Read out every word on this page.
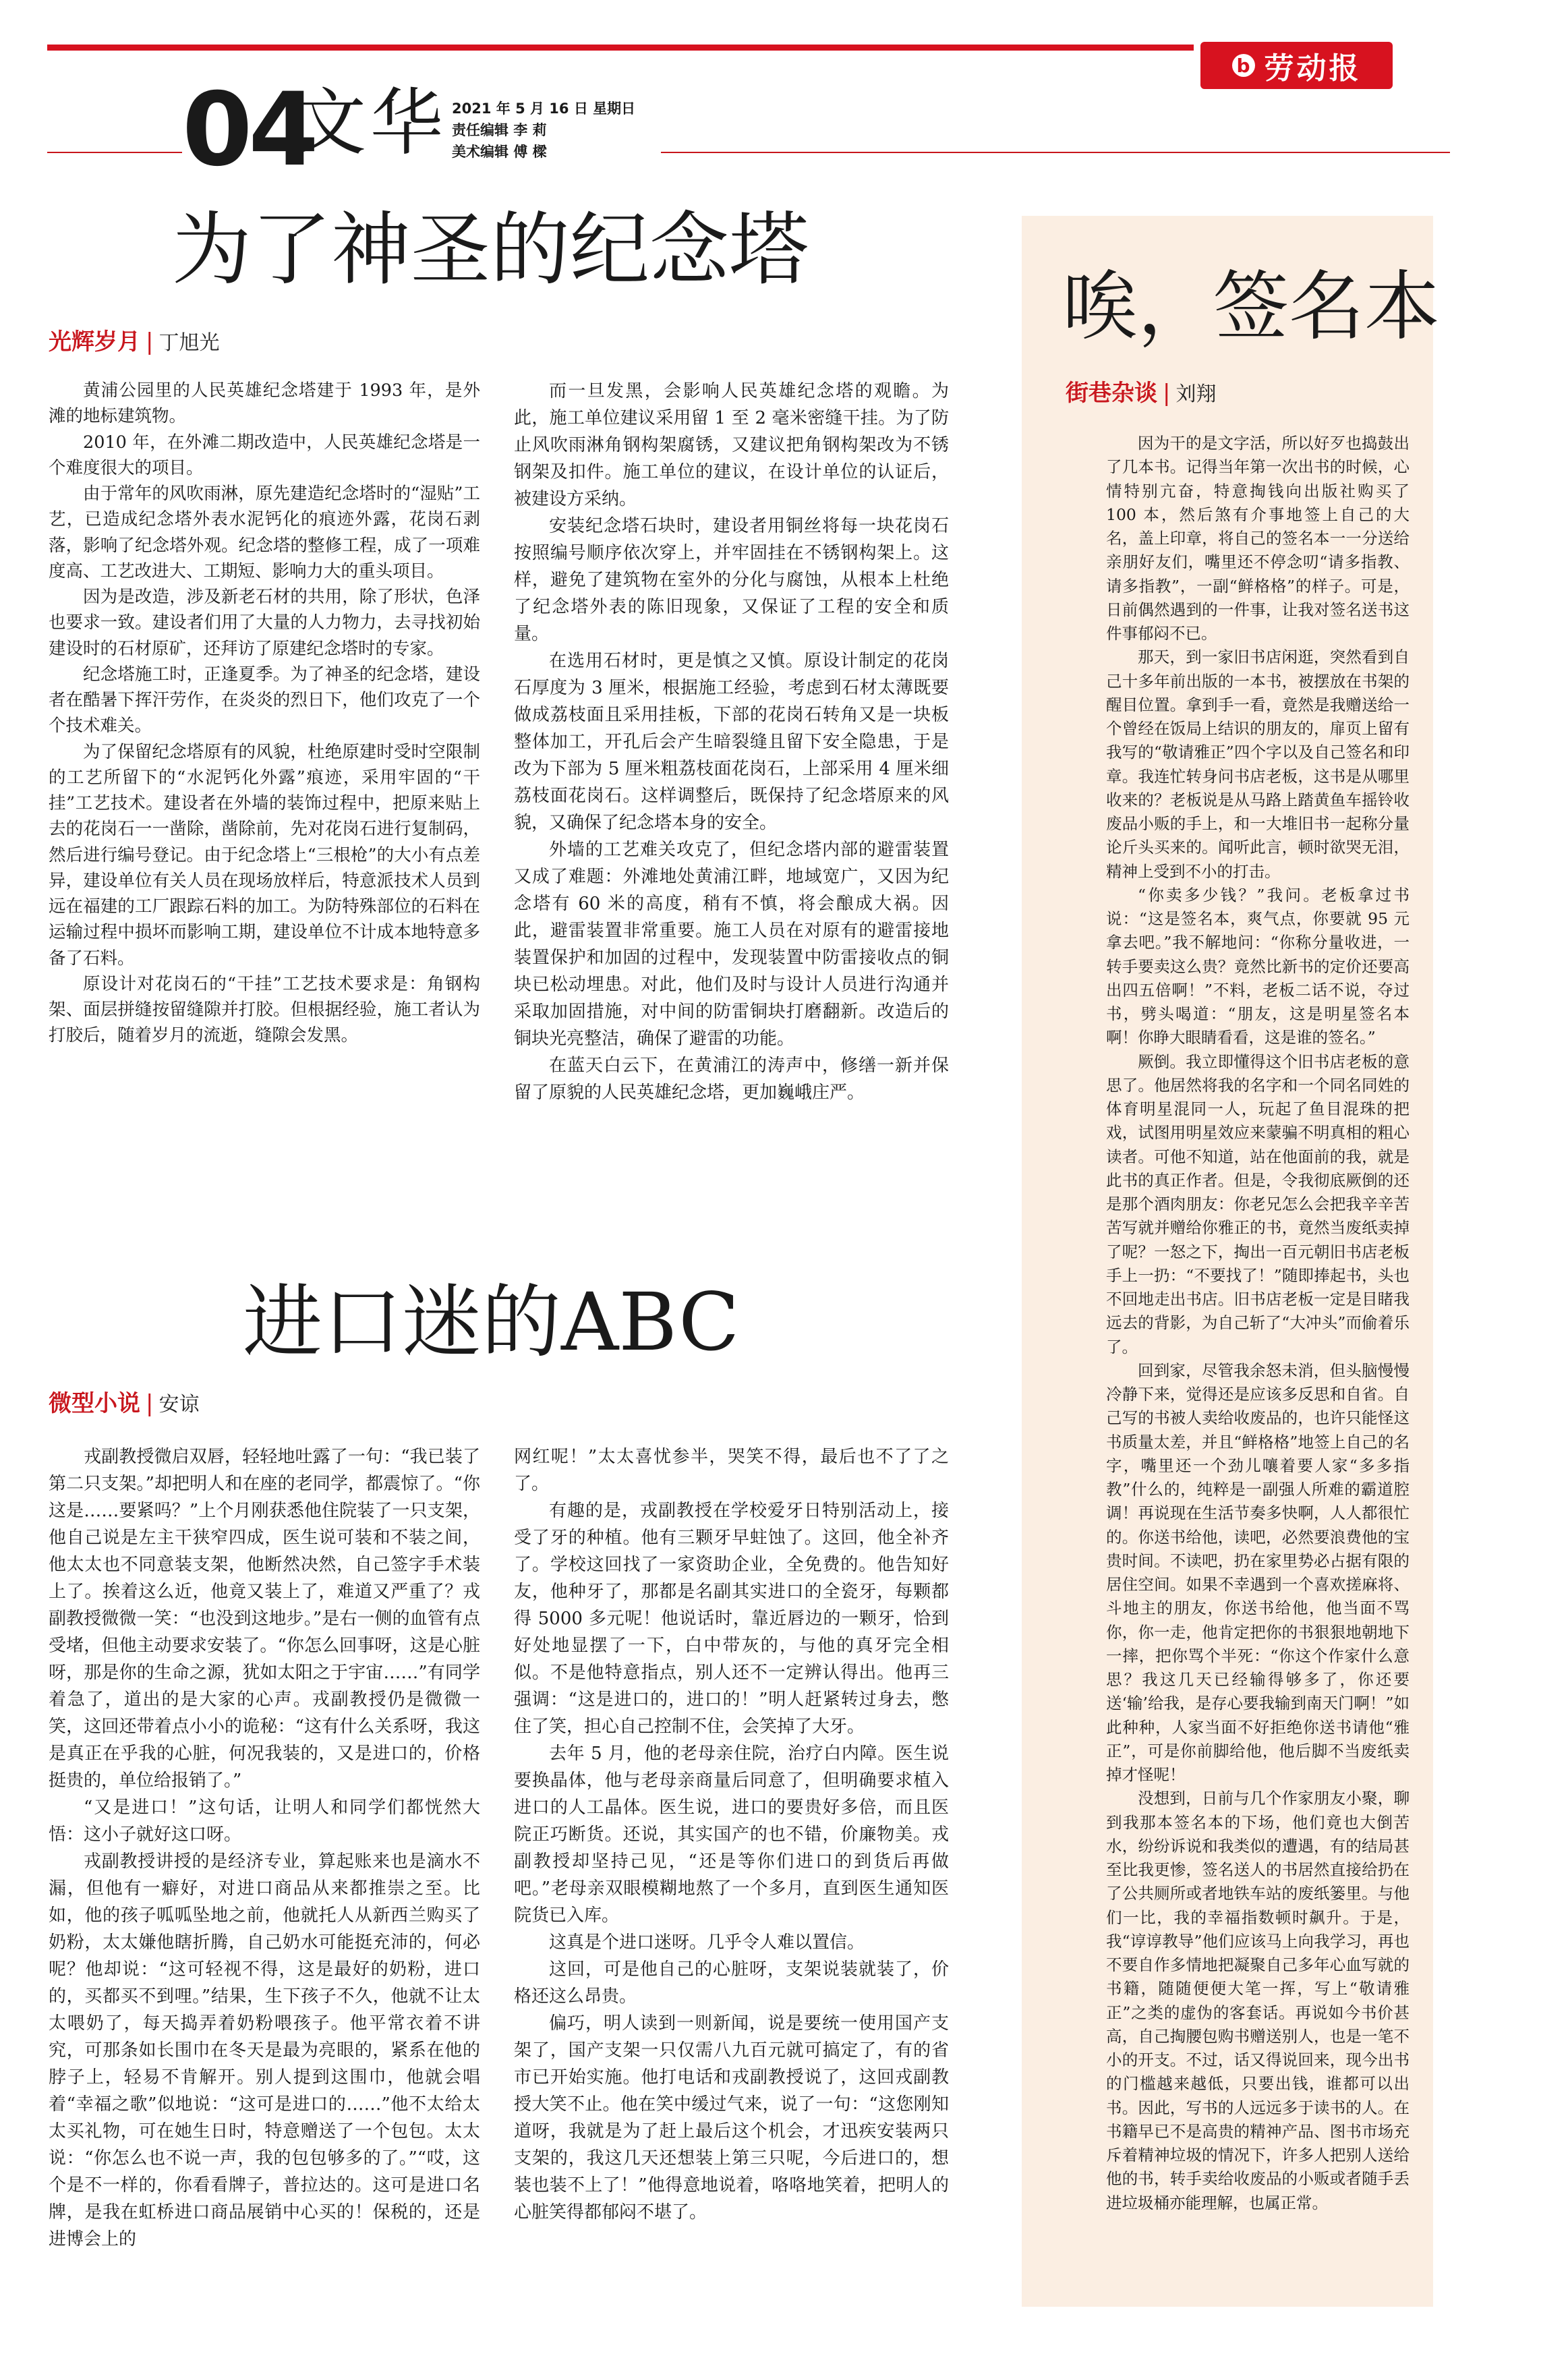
b 劳动报
04
文华 2021 年 5 月 16 日 星期日
责任编辑 李 莉
美术编辑 傅 樑
为了神圣的纪念塔
光辉岁月 | 丁旭光

黄浦公园里的人民英雄纪念塔建于 1993 年，是外滩的地标建筑物。

2010 年，在外滩二期改造中，人民英雄纪念塔是一个难度很大的项目。

由于常年的风吹雨淋，原先建造纪念塔时的“湿贴”工艺，已造成纪念塔外表水泥钙化的痕迹外露，花岗石剥落，影响了纪念塔外观。纪念塔的整修工程，成了一项难度高、工艺改进大、工期短、影响力大的重头项目。

因为是改造，涉及新老石材的共用，除了形状，色泽也要求一致。建设者们用了大量的人力物力，去寻找初始建设时的石材原矿，还拜访了原建纪念塔时的专家。

纪念塔施工时，正逢夏季。为了神圣的纪念塔，建设者在酷暑下挥汗劳作，在炎炎的烈日下，他们攻克了一个个技术难关。

为了保留纪念塔原有的风貌，杜绝原建时受时空限制的工艺所留下的“水泥钙化外露”痕迹，采用牢固的“干挂”工艺技术。建设者在外墙的装饰过程中，把原来贴上去的花岗石一一凿除，凿除前，先对花岗石进行复制码，然后进行编号登记。由于纪念塔上“三根枪”的大小有点差异，建设单位有关人员在现场放样后，特意派技术人员到远在福建的工厂跟踪石料的加工。为防特殊部位的石料在运输过程中损坏而影响工期，建设单位不计成本地特意多备了石料。

原设计对花岗石的“干挂”工艺技术要求是：角钢构架、面层拼缝按留缝隙并打胶。但根据经验，施工者认为打胶后，随着岁月的流逝，缝隙会发黑。

而一旦发黑，会影响人民英雄纪念塔的观瞻。为此，施工单位建议采用留 1 至 2 毫米密缝干挂。为了防止风吹雨淋角钢构架腐锈，又建议把角钢构架改为不锈钢架及扣件。施工单位的建议，在设计单位的认证后，被建设方采纳。

安装纪念塔石块时，建设者用铜丝将每一块花岗石按照编号顺序依次穿上，并牢固挂在不锈钢构架上。这样，避免了建筑物在室外的分化与腐蚀，从根本上杜绝了纪念塔外表的陈旧现象，又保证了工程的安全和质量。

在选用石材时，更是慎之又慎。原设计制定的花岗石厚度为 3 厘米，根据施工经验，考虑到石材太薄既要做成荔枝面且采用挂板，下部的花岗石转角又是一块板整体加工，开孔后会产生暗裂缝且留下安全隐患，于是改为下部为 5 厘米粗荔枝面花岗石，上部采用 4 厘米细荔枝面花岗石。这样调整后，既保持了纪念塔原来的风貌，又确保了纪念塔本身的安全。

外墙的工艺难关攻克了，但纪念塔内部的避雷装置又成了难题：外滩地处黄浦江畔，地域宽广，又因为纪念塔有 60 米的高度，稍有不慎，将会酿成大祸。因此，避雷装置非常重要。施工人员在对原有的避雷接地装置保护和加固的过程中，发现装置中防雷接收点的铜块已松动埋患。对此，他们及时与设计人员进行沟通并采取加固措施，对中间的防雷铜块打磨翻新。改造后的铜块光亮整洁，确保了避雷的功能。

在蓝天白云下，在黄浦江的涛声中，修缮一新并保留了原貌的人民英雄纪念塔，更加巍峨庄严。

进口迷的ABC
微型小说 | 安谅

戎副教授微启双唇，轻轻地吐露了一句：“我已装了第二只支架。”却把明人和在座的老同学，都震惊了。“你这是……要紧吗？”上个月刚获悉他住院装了一只支架，他自己说是左主干狭窄四成，医生说可装和不装之间，他太太也不同意装支架，他断然决然，自己签字手术装上了。挨着这么近，他竟又装上了，难道又严重了？戎副教授微微一笑：“也没到这地步。”是右一侧的血管有点受堵，但他主动要求安装了。“你怎么回事呀，这是心脏呀，那是你的生命之源，犹如太阳之于宇宙……”有同学着急了，道出的是大家的心声。戎副教授仍是微微一笑，这回还带着点小小的诡秘：“这有什么关系呀，我这是真正在乎我的心脏，何况我装的，又是进口的，价格挺贵的，单位给报销了。”

“又是进口！”这句话，让明人和同学们都恍然大悟：这小子就好这口呀。

戎副教授讲授的是经济专业，算起账来也是滴水不漏，但他有一癖好，对进口商品从来都推崇之至。比如，他的孩子呱呱坠地之前，他就托人从新西兰购买了奶粉，太太嫌他瞎折腾，自己奶水可能挺充沛的，何必呢？他却说：“这可轻视不得，这是最好的奶粉，进口的，买都买不到哩。”结果，生下孩子不久，他就不让太太喂奶了，每天捣弄着奶粉喂孩子。他平常衣着不讲究，可那条如长围巾在冬天是最为亮眼的，紧系在他的脖子上，轻易不肯解开。别人提到这围巾，他就会唱着“幸福之歌”似地说：“这可是进口的……”他不太给太太买礼物，可在她生日时，特意赠送了一个包包。太太说：“你怎么也不说一声，我的包包够多的了。”“哎，这个是不一样的，你看看牌子，普拉达的。这可是进口名牌，是我在虹桥进口商品展销中心买的！保税的，还是进博会上的

网红呢！”太太喜忧参半，哭笑不得，最后也不了了之了。

有趣的是，戎副教授在学校爱牙日特别活动上，接受了牙的种植。他有三颗牙早蛀蚀了。这回，他全补齐了。学校这回找了一家资助企业，全免费的。他告知好友，他种牙了，那都是名副其实进口的全瓷牙，每颗都得 5000 多元呢！他说话时，靠近唇边的一颗牙，恰到好处地显摆了一下，白中带灰的，与他的真牙完全相似。不是他特意指点，别人还不一定辨认得出。他再三强调：“这是进口的，进口的！”明人赶紧转过身去，憋住了笑，担心自己控制不住，会笑掉了大牙。

去年 5 月，他的老母亲住院，治疗白内障。医生说要换晶体，他与老母亲商量后同意了，但明确要求植入进口的人工晶体。医生说，进口的要贵好多倍，而且医院正巧断货。还说，其实国产的也不错，价廉物美。戎副教授却坚持己见，“还是等你们进口的到货后再做吧。”老母亲双眼模糊地熬了一个多月，直到医生通知医院货已入库。

这真是个进口迷呀。几乎令人难以置信。

这回，可是他自己的心脏呀，支架说装就装了，价格还这么昂贵。

偏巧，明人读到一则新闻，说是要统一使用国产支架了，国产支架一只仅需八九百元就可搞定了，有的省市已开始实施。他打电话和戎副教授说了，这回戎副教授大笑不止。他在笑中缓过气来，说了一句：“这您刚知道呀，我就是为了赶上最后这个机会，才迅疾安装两只支架的，我这几天还想装上第三只呢，今后进口的，想装也装不上了！”他得意地说着，咯咯地笑着，把明人的心脏笑得都郁闷不堪了。

唉，签名本
街巷杂谈 | 刘翔

因为干的是文字活，所以好歹也捣鼓出了几本书。记得当年第一次出书的时候，心情特别亢奋，特意掏钱向出版社购买了 100 本，然后煞有介事地签上自己的大名，盖上印章，将自己的签名本一一分送给亲朋好友们，嘴里还不停念叨“请多指教、请多指教”，一副“鲜格格”的样子。可是，日前偶然遇到的一件事，让我对签名送书这件事郁闷不已。

那天，到一家旧书店闲逛，突然看到自己十多年前出版的一本书，被摆放在书架的醒目位置。拿到手一看，竟然是我赠送给一个曾经在饭局上结识的朋友的，扉页上留有我写的“敬请雅正”四个字以及自己签名和印章。我连忙转身问书店老板，这书是从哪里收来的？老板说是从马路上踏黄鱼车摇铃收废品小贩的手上，和一大堆旧书一起称分量论斤头买来的。闻听此言，顿时欲哭无泪，精神上受到不小的打击。

“你卖多少钱？”我问。老板拿过书说：“这是签名本，爽气点，你要就 95 元拿去吧。”我不解地问：“你称分量收进，一转手要卖这么贵？竟然比新书的定价还要高出四五倍啊！”不料，老板二话不说，夺过书，劈头喝道：“朋友，这是明星签名本啊！你睁大眼睛看看，这是谁的签名。”

厥倒。我立即懂得这个旧书店老板的意思了。他居然将我的名字和一个同名同姓的体育明星混同一人，玩起了鱼目混珠的把戏，试图用明星效应来蒙骗不明真相的粗心读者。可他不知道，站在他面前的我，就是此书的真正作者。但是，令我彻底厥倒的还是那个酒肉朋友：你老兄怎么会把我辛辛苦苦写就并赠给你雅正的书，竟然当废纸卖掉了呢？一怒之下，掏出一百元朝旧书店老板手上一扔：“不要找了！”随即捧起书，头也不回地走出书店。旧书店老板一定是目睹我远去的背影，为自己斩了“大冲头”而偷着乐了。

回到家，尽管我余怒未消，但头脑慢慢冷静下来，觉得还是应该多反思和自省。自己写的书被人卖给收废品的，也许只能怪这书质量太差，并且“鲜格格”地签上自己的名字，嘴里还一个劲儿嚷着要人家“多多指教”什么的，纯粹是一副强人所难的霸道腔调！再说现在生活节奏多快啊，人人都很忙的。你送书给他，读吧，必然要浪费他的宝贵时间。不读吧，扔在家里势必占据有限的居住空间。如果不幸遇到一个喜欢搓麻将、斗地主的朋友，你送书给他，他当面不骂你，你一走，他肯定把你的书狠狠地朝地下一摔，把你骂个半死：“你这个作家什么意思？我这几天已经输得够多了，你还要送‘输’给我，是存心要我输到南天门啊！”如此种种，人家当面不好拒绝你送书请他“雅正”，可是你前脚给他，他后脚不当废纸卖掉才怪呢！

没想到，日前与几个作家朋友小聚，聊到我那本签名本的下场，他们竟也大倒苦水，纷纷诉说和我类似的遭遇，有的结局甚至比我更惨，签名送人的书居然直接给扔在了公共厕所或者地铁车站的废纸篓里。与他们一比，我的幸福指数顿时飙升。于是，我“谆谆教导”他们应该马上向我学习，再也不要自作多情地把凝聚自己多年心血写就的书籍，随随便便大笔一挥，写上“敬请雅正”之类的虚伪的客套话。再说如今书价甚高，自己掏腰包购书赠送别人，也是一笔不小的开支。不过，话又得说回来，现今出书的门槛越来越低，只要出钱，谁都可以出书。因此，写书的人远远多于读书的人。在书籍早已不是高贵的精神产品、图书市场充斥着精神垃圾的情况下，许多人把别人送给他的书，转手卖给收废品的小贩或者随手丢进垃圾桶亦能理解，也属正常。
